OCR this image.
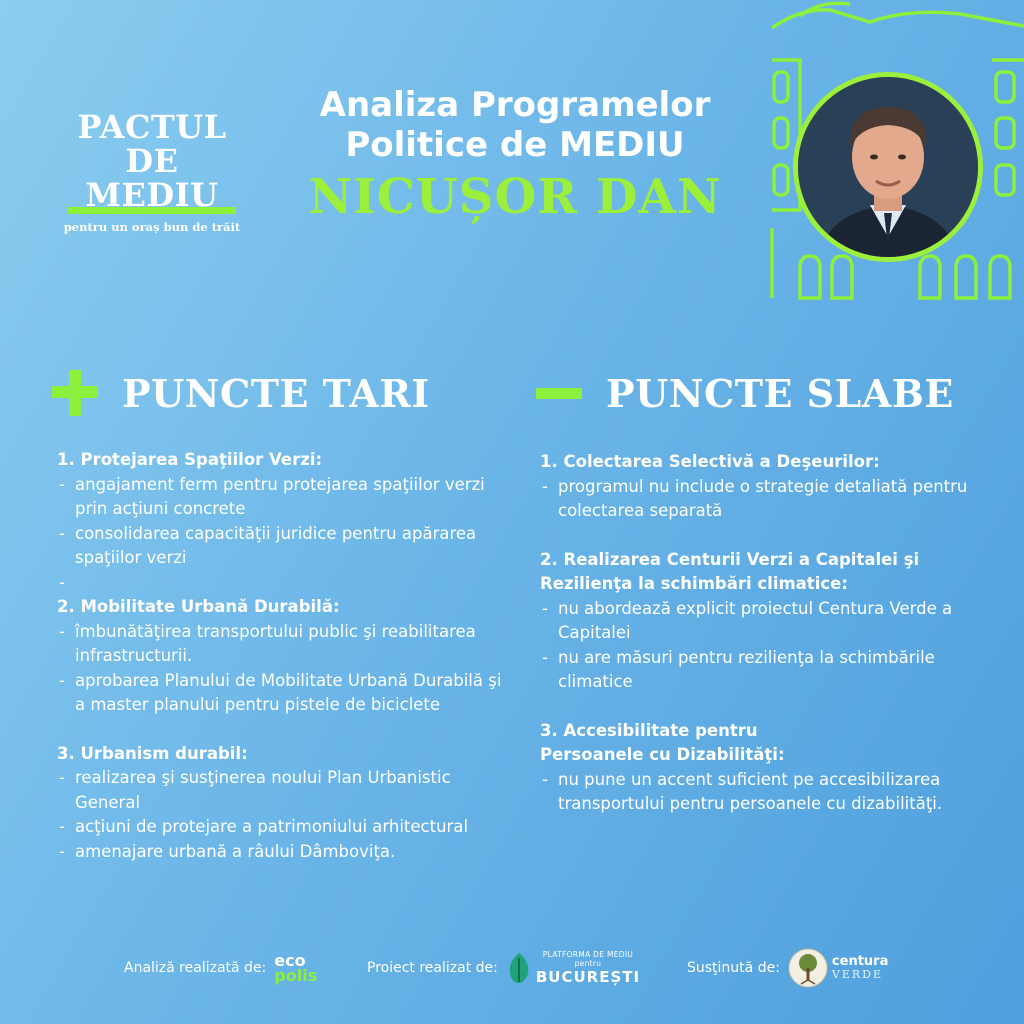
PACTUL
DE MEDIU
pentru un oraș bun de trăit
Analiza Programelor
Politice de MEDIU
NICUȘOR DAN
PUNCTE TARI	PUNCTE SLABE
1. Protejarea Spaţiilor Verzi:
- angajament ferm pentru protejarea spaţiilor verzi prin acţiuni concrete
- consolidarea capacităţii juridice pentru apărarea spaţiilor verzi
-
2. Mobilitate Urbană Durabilă:
- îmbunătăţirea transportului public şi reabilitarea infrastructurii.
- aprobarea Planului de Mobilitate Urbană Durabilă şi a master planului pentru pistele de biciclete
3. Urbanism durabil:
- realizarea şi susţinerea noului Plan Urbanistic General
- acţiuni de protejare a patrimoniului arhitectural
- amenajare urbană a râului Dâmboviţa.
1. Colectarea Selectivă a Deşeurilor:
- programul nu include o strategie detaliată pentru colectarea separată
2. Realizarea Centurii Verzi a Capitalei şi
Rezilienţa la schimbări climatice:
- nu abordează explicit proiectul Centura Verde a Capitalei
- nu are măsuri pentru rezilienţa la schimbările climatice
3. Accesibilitate pentru
Persoanele cu Dizabilităţi:
- nu pune un accent suficient pe accesibilizarea transportului pentru persoanele cu dizabilităţi.
Analiză realizată de: eco
polis	Proiect realizat de:
PLATFORMA DE MEDIU
pentru
BUCUREȘTI	Susţinută de:	centura
VERDE
